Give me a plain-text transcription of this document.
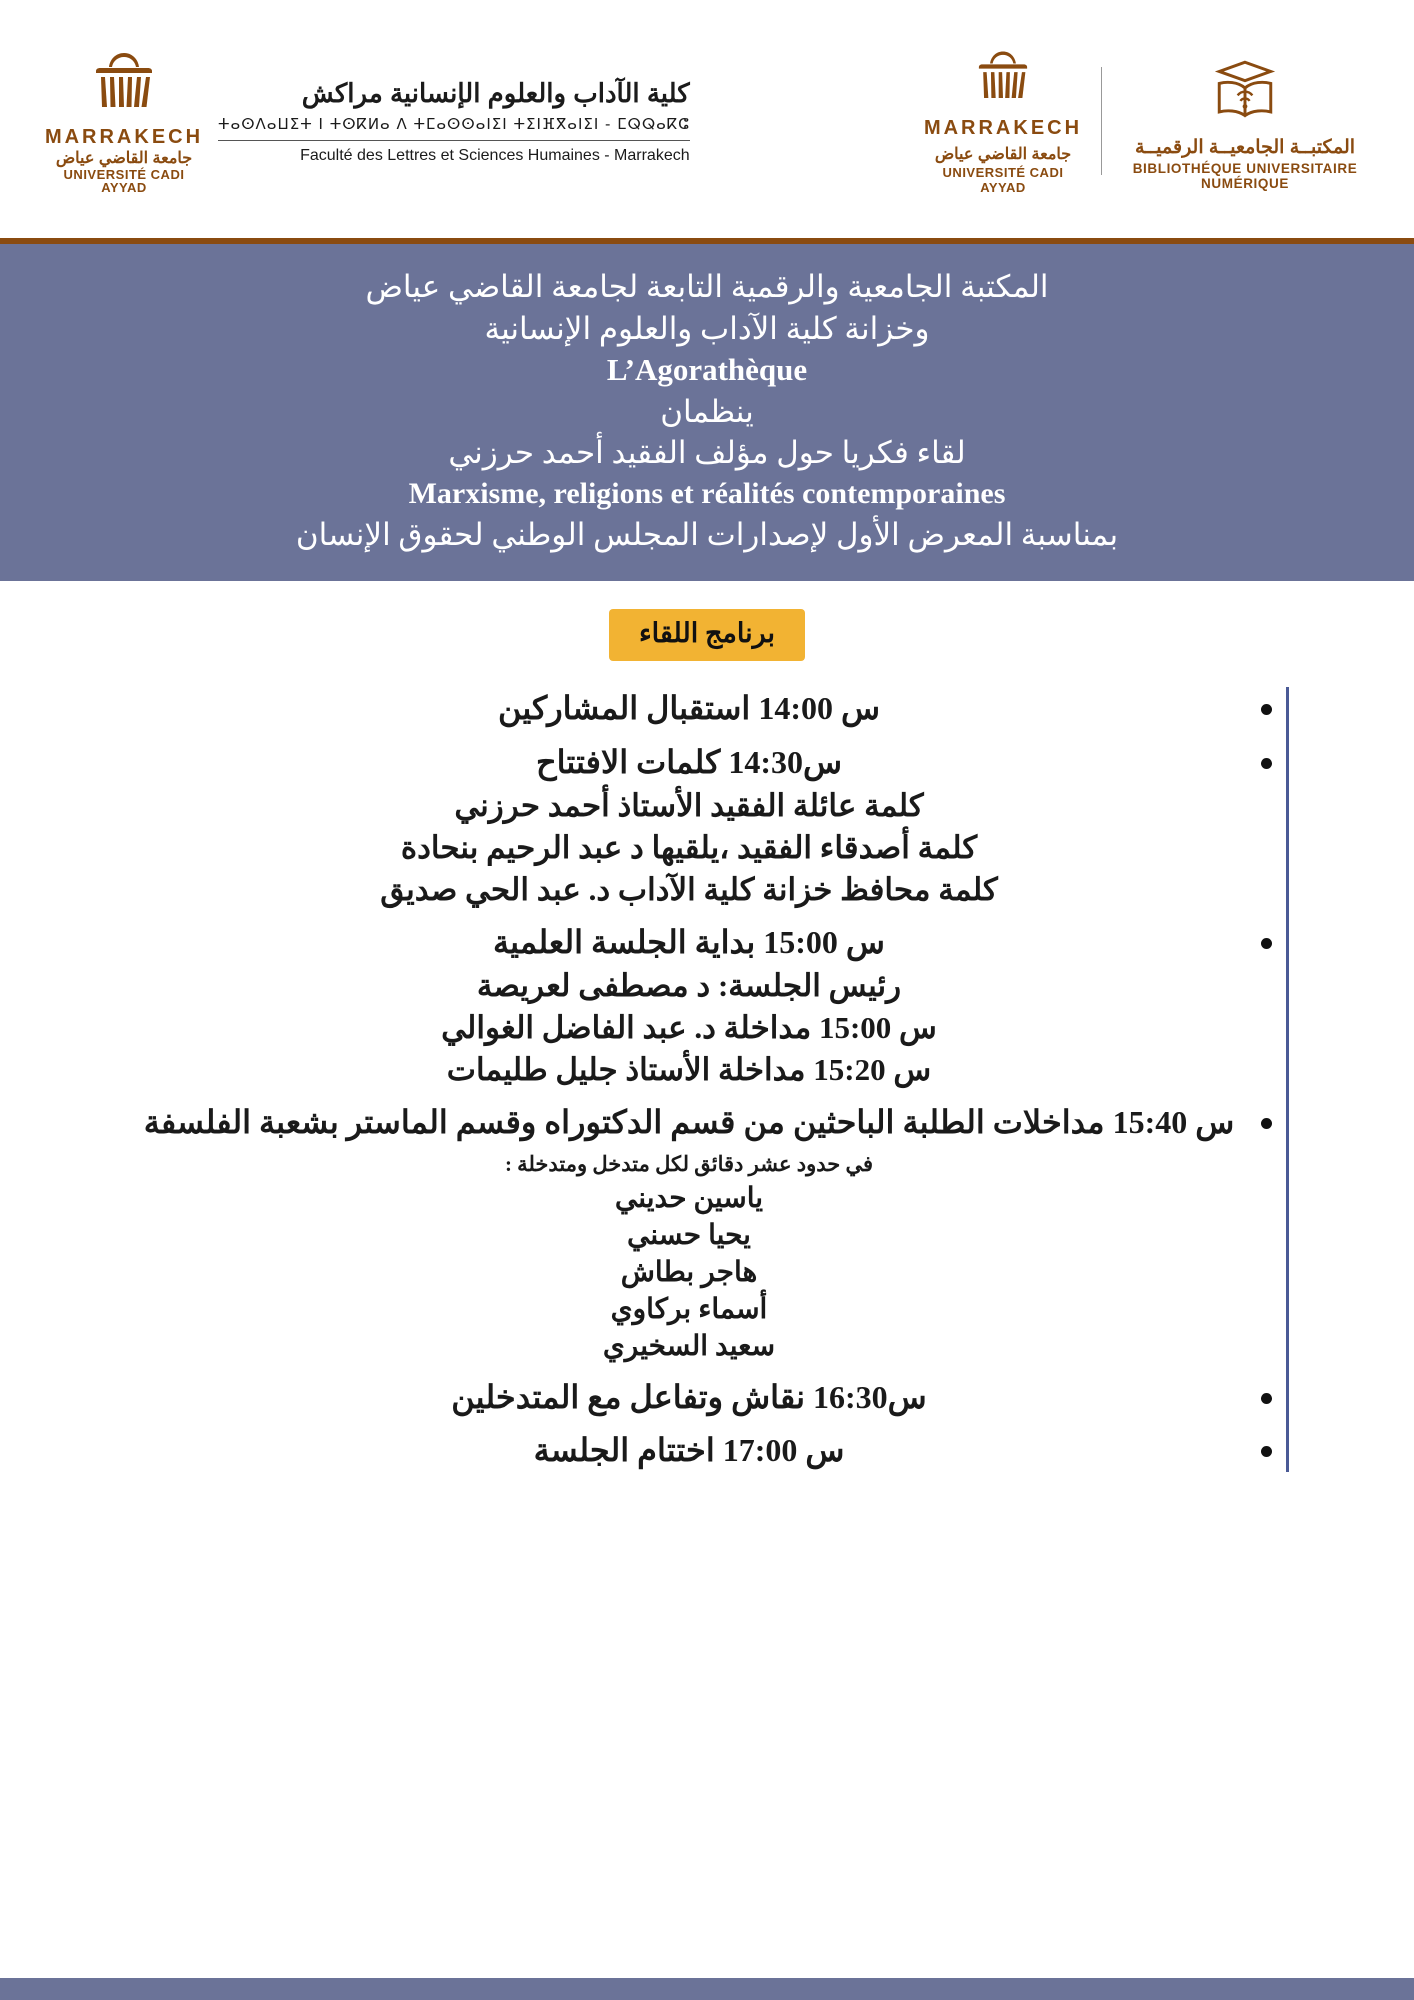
MARRAKECH
جامعة القاضي عياض
UNIVERSITÉ CADI AYYAD
كلية الآداب والعلوم الإنسانية مراكش
ⵜⴰⵙⴷⴰⵡⵉⵜ ⵏ ⵜⵙⴽⵍⴰ ⴷ ⵜⵎⴰⵙⵙⴰⵏⵉⵏ ⵜⵉⵏⴼⴳⴰⵏⵉⵏ - ⵎⵕⵕⴰⴽⵛ
Faculté des Lettres et Sciences Humaines - Marrakech
MARRAKECH
جامعة القاضي عياض
UNIVERSITÉ CADI AYYAD
المكتبــة الجامعيــة الرقميــة
BIBLIOTHÉQUE UNIVERSITAIRE NUMÉRIQUE
المكتبة الجامعية والرقمية التابعة لجامعة القاضي عياض
وخزانة كلية الآداب والعلوم الإنسانية
L’Agorathèque
ينظمان
لقاء فكريا حول مؤلف الفقيد أحمد حرزني
Marxisme, religions et réalités contemporaines
بمناسبة المعرض الأول لإصدارات المجلس الوطني لحقوق الإنسان
برنامج اللقاء
س 14:00 استقبال المشاركين
س14:30 كلمات الافتتاح
كلمة عائلة الفقيد الأستاذ أحمد حرزني
كلمة أصدقاء الفقيد ،يلقيها د عبد الرحيم بنحادة
كلمة محافظ خزانة كلية الآداب د. عبد الحي صديق
س 15:00 بداية الجلسة العلمية
رئيس الجلسة: د مصطفى لعريصة
س 15:00 مداخلة د. عبد الفاضل الغوالي
س 15:20 مداخلة الأستاذ جليل طليمات
س 15:40 مداخلات الطلبة الباحثين من قسم الدكتوراه وقسم الماستر بشعبة الفلسفة
في حدود عشر دقائق لكل متدخل ومتدخلة :
ياسين حديني
يحيا حسني
هاجر بطاش
أسماء بركاوي
سعيد السخيري
س16:30 نقاش وتفاعل مع المتدخلين
س 17:00 اختتام الجلسة
